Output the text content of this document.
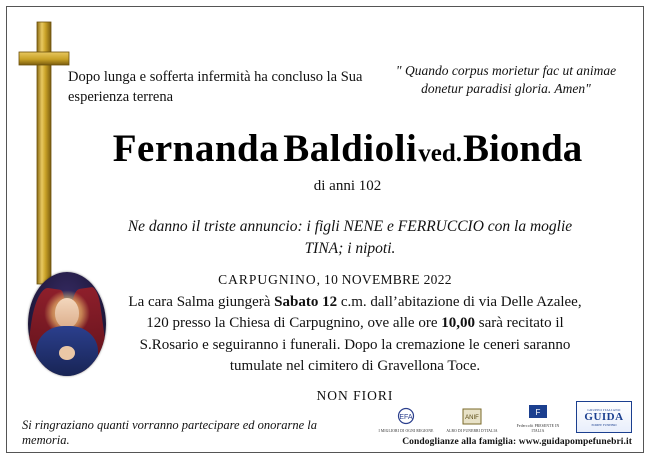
Dopo lunga e sofferta infermità ha concluso la Sua esperienza terrena
" Quando corpus morietur fac ut animae donetur paradisi gloria. Amen"
Fernanda Baldiolived.Bionda
di anni 102
Ne danno il triste annuncio: i figli NENE e FERRUCCIO con la moglie TINA; i nipoti.
CARPUGNINO, 10 NOVEMBRE 2022
La cara Salma giungerà Sabato 12 c.m. dall’abitazione di via Delle Azalee, 120 presso la Chiesa di Carpugnino, ove alle ore 10,00 sarà recitato il S.Rosario e seguiranno i funerali. Dopo la cremazione le ceneri saranno tumulate nel cimitero di Gravellona Toce.
NON FIORI
Si ringraziano quanti vorranno partecipare ed onorarne la memoria.
EFA
I MIGLIORI DI OGNI REGIONE
ANIF
ALBO DI FUNEBRI D'ITALIA
F
Federcofit PRESENTE IN ITALIA
GRUPPO ITALIANO
GUIDA
POMPE FUNEBRI
Condoglianze alla famiglia: www.guidapompefunebri.it
